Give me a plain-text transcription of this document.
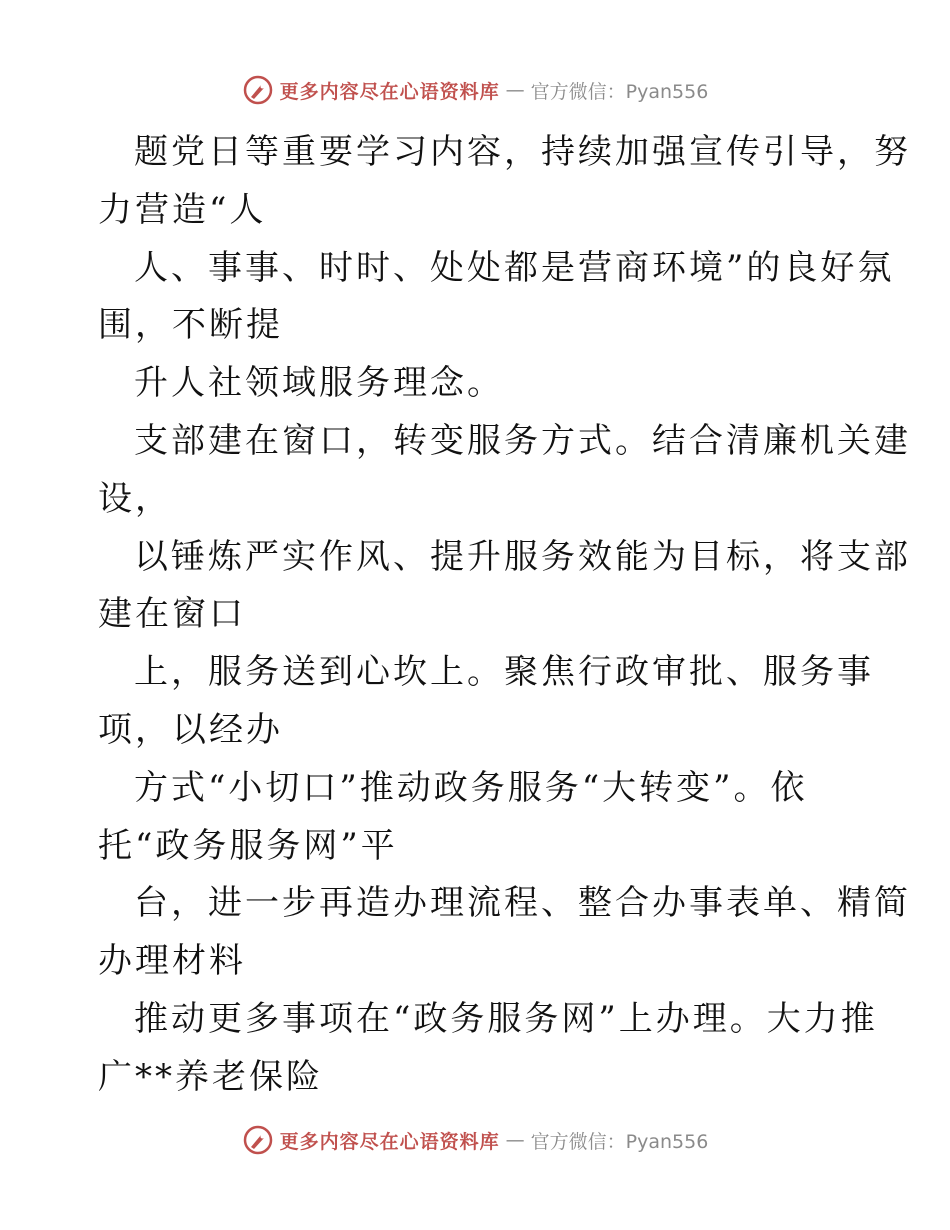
更多内容尽在心语资料库 — 官方微信：Pyan556
题党日等重要学习内容，持续加强宣传引导，努
力营造“人
人、事事、时时、处处都是营商环境”的良好氛
围，不断提
升人社领域服务理念。
支部建在窗口，转变服务方式。结合清廉机关建
设，
以锤炼严实作风、提升服务效能为目标，将支部
建在窗口
上，服务送到心坎上。聚焦行政审批、服务事
项，以经办
方式“小切口”推动政务服务“大转变”。依
托“政务服务网”平
台，进一步再造办理流程、整合办事表单、精简
办理材料
推动更多事项在“政务服务网”上办理。大力推
广**养老保险
更多内容尽在心语资料库 — 官方微信：Pyan556
